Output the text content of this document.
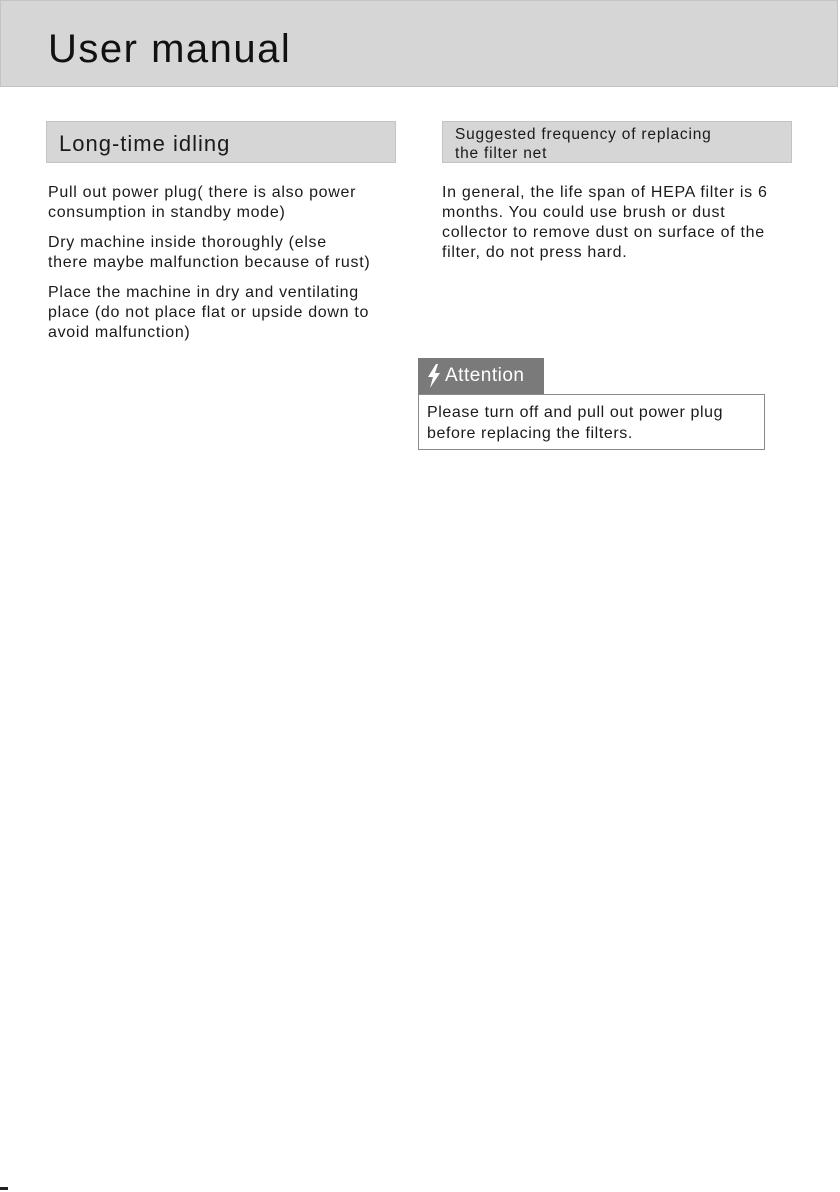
User manual
Long-time idling	Suggested frequency of replacing
the filter net

Pull out power plug( there is also power
consumption in standby mode)

Dry machine inside thoroughly (else
there maybe malfunction because of rust)

Place the machine in dry and ventilating
place (do not place flat or upside down to
avoid malfunction)

In general, the life span of HEPA filter is 6
months. You could use brush or dust
collector to remove dust on surface of the
filter, do not press hard.

Attention
Please turn off and pull out power plug
before replacing the filters.
